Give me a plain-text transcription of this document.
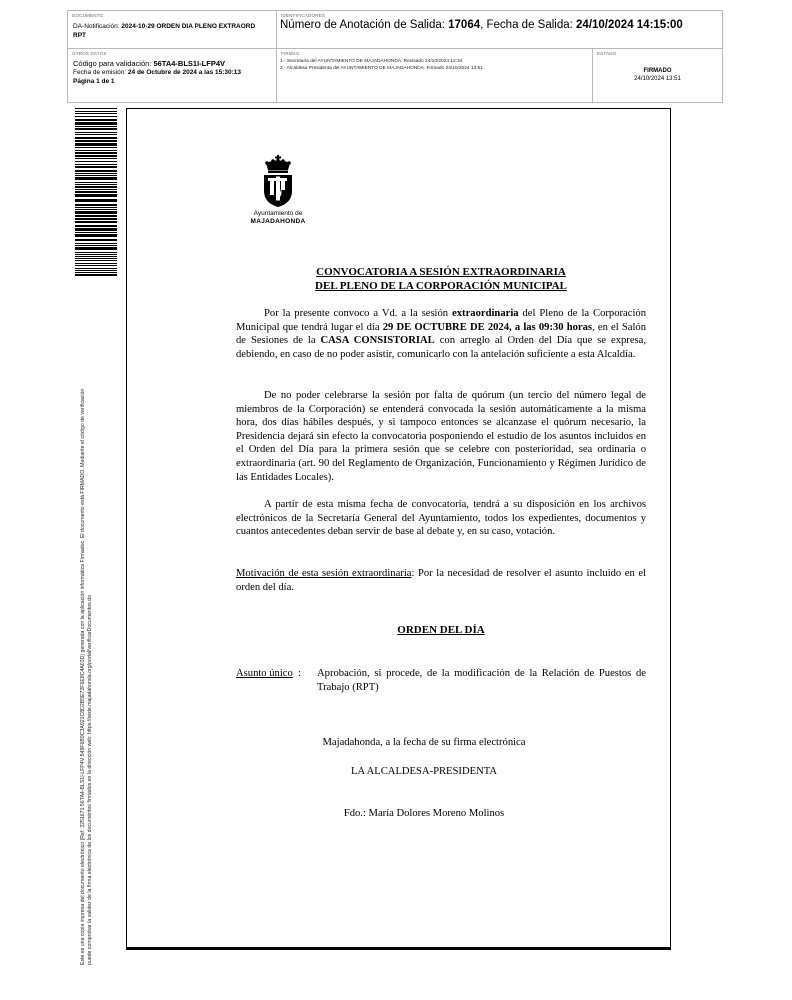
DOCUMENTO
DA-Notificación: 2024-10-29 ORDEN DIA PLENO EXTRAORD RPT
IDENTIFICADORES
Número de Anotación de Salida: 17064, Fecha de Salida: 24/10/2024 14:15:00
OTROS DATOS
Código para validación: 56TA4-BLS1I-LFP4V
Fecha de emisión: 24 de Octubre de 2024 a las 15:30:13
Página 1 de 1
FIRMAS
1.- Secretaria del AYUNTAMIENTO DE MAJADAHONDA. Revisado 24/10/2024 12:34
2.- Alcaldesa Presidenta del AYUNTAMIENTO DE MAJADAHONDA. Firmado 24/10/2024 13:51
ESTADO
FIRMADO
24/10/2024 13:51
Este es una copia impresa del documento electrónico (Ref: 3251671 56TA4-BLS1I-LFP4V 549F6B9C3A921C8D2B5E72F6E8C4A03D) generada con la aplicación informática Firmadoc. El documento está FIRMADO. Mediante el código de verificación puede comprobar la validez de la firma electrónica de los documentos firmados en la dirección web: https://sede.majadahonda.org/portal/verificarDocumentos.do
Ayuntamiento de
MAJADAHONDA
CONVOCATORIA A SESIÓN EXTRAORDINARIA
DEL PLENO DE LA CORPORACIÓN MUNICIPAL
Por la presente convoco a Vd. a la sesión extraordinaria del Pleno de la Corporación Municipal que tendrá lugar el día 29 DE OCTUBRE DE 2024, a las 09:30 horas, en el Salón de Sesiones de la CASA CONSISTORIAL con arreglo al Orden del Día que se expresa, debiendo, en caso de no poder asistir, comunicarlo con la antelación suficiente a esta Alcaldía.
De no poder celebrarse la sesión por falta de quórum (un tercio del número legal de miembros de la Corporación) se entenderá convocada la sesión automáticamente a la misma hora, dos días hábiles después, y si tampoco entonces se alcanzase el quórum necesario, la Presidencia dejará sin efecto la convocatoria posponiendo el estudio de los asuntos incluidos en el Orden del Día para la primera sesión que se celebre con posterioridad, sea ordinaria o extraordinaria (art. 90 del Reglamento de Organización, Funcionamiento y Régimen Jurídico de las Entidades Locales).
A partir de esta misma fecha de convocatoria, tendrá a su disposición en los archivos electrónicos de la Secretaría General del Ayuntamiento, todos los expedientes, documentos y cuantos antecedentes deban servir de base al debate y, en su caso, votación.
Motivación de esta sesión extraordinaria: Por la necesidad de resolver el asunto incluido en el orden del día.
ORDEN DEL DÍA
Asunto único : Aprobación, si procede, de la modificación de la Relación de Puestos de Trabajo (RPT)
Majadahonda, a la fecha de su firma electrónica
LA ALCALDESA-PRESIDENTA
Fdo.: María Dolores Moreno Molinos
